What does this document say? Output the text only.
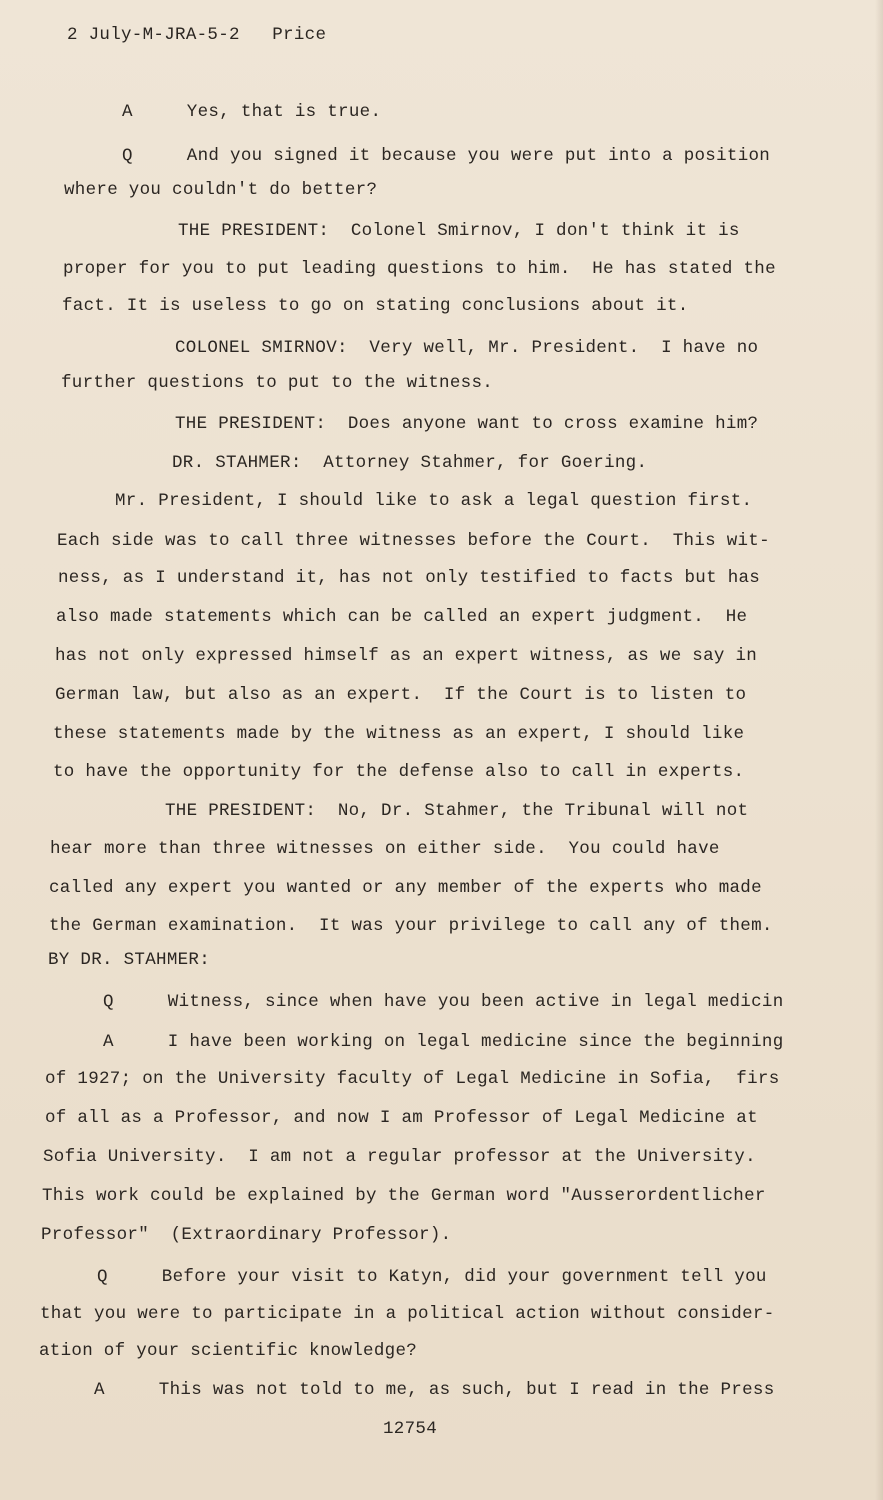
2 July-M-JRA-5-2   Price
A     Yes, that is true.
Q     And you signed it because you were put into a position
where you couldn't do better?
THE PRESIDENT:  Colonel Smirnov, I don't think it is
proper for you to put leading questions to him.  He has stated the
fact. It is useless to go on stating conclusions about it.
COLONEL SMIRNOV:  Very well, Mr. President.  I have no
further questions to put to the witness.
THE PRESIDENT:  Does anyone want to cross examine him?
DR. STAHMER:  Attorney Stahmer, for Goering.
Mr. President, I should like to ask a legal question first.
Each side was to call three witnesses before the Court.  This wit-
ness, as I understand it, has not only testified to facts but has
also made statements which can be called an expert judgment.  He
has not only expressed himself as an expert witness, as we say in
German law, but also as an expert.  If the Court is to listen to
these statements made by the witness as an expert, I should like
to have the opportunity for the defense also to call in experts.
THE PRESIDENT:  No, Dr. Stahmer, the Tribunal will not
hear more than three witnesses on either side.  You could have
called any expert you wanted or any member of the experts who made
the German examination.  It was your privilege to call any of them.
BY DR. STAHMER:
Q     Witness, since when have you been active in legal medicin
A     I have been working on legal medicine since the beginning
of 1927; on the University faculty of Legal Medicine in Sofia,  firs
of all as a Professor, and now I am Professor of Legal Medicine at
Sofia University.  I am not a regular professor at the University.
This work could be explained by the German word "Ausserordentlicher
Professor"  (Extraordinary Professor).
Q     Before your visit to Katyn, did your government tell you
that you were to participate in a political action without consider-
ation of your scientific knowledge?
A     This was not told to me, as such, but I read in the Press
12754
